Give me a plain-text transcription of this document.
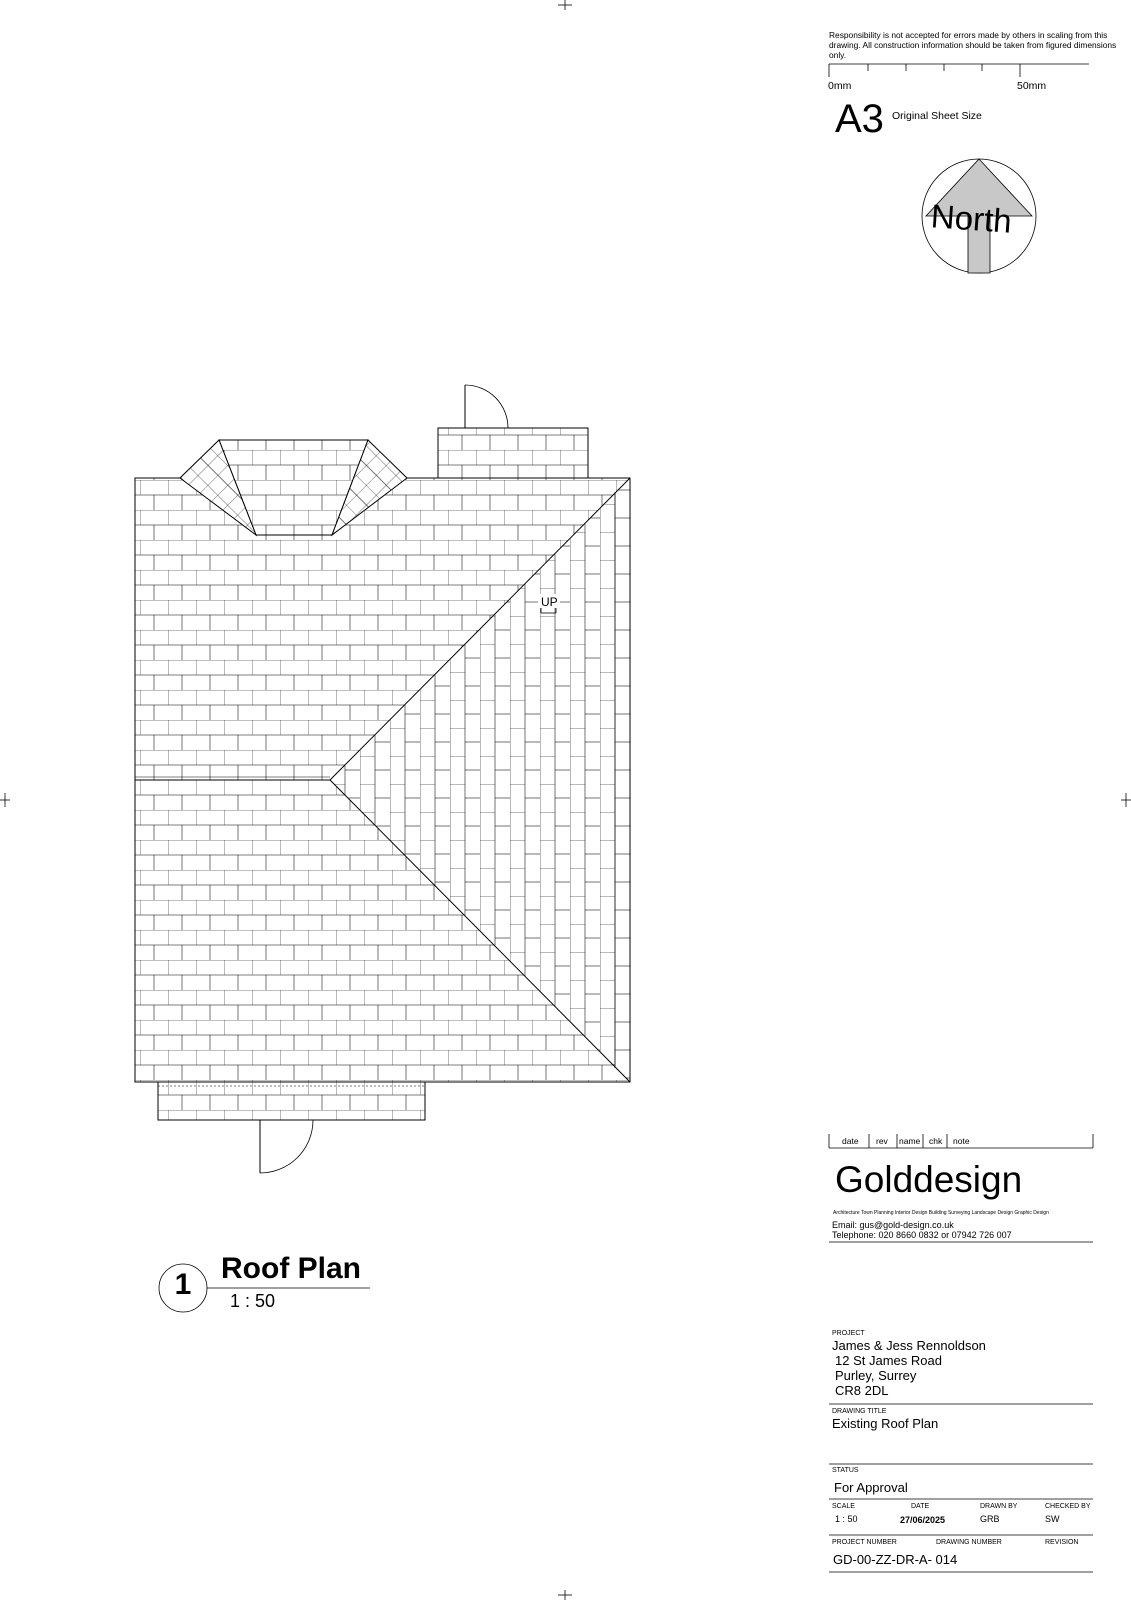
Responsibility is not accepted for errors made by others in scaling from this drawing. All construction information should be taken from figured dimensions only.
0mm	50mm
A3 Original Sheet Size
North
UP
1 Roof Plan
1 : 50
date rev name chk note
Golddesign
Architecture Town Planning Interior Design Building Surveying Landscape Design Graphic Design
Email: gus@gold-design.co.uk
Telephone: 020 8660 0832 or 07942 726 007
PROJECT
James & Jess Rennoldson
12 St James Road
Purley, Surrey
CR8 2DL
DRAWING TITLE
Existing Roof Plan
STATUS
For Approval
SCALE	DATE	DRAWN BY	CHECKED BY
1 : 50	27/06/2025	GRB	SW
PROJECT NUMBER	DRAWING NUMBER	REVISION
GD-00-ZZ-DR-A- 014
